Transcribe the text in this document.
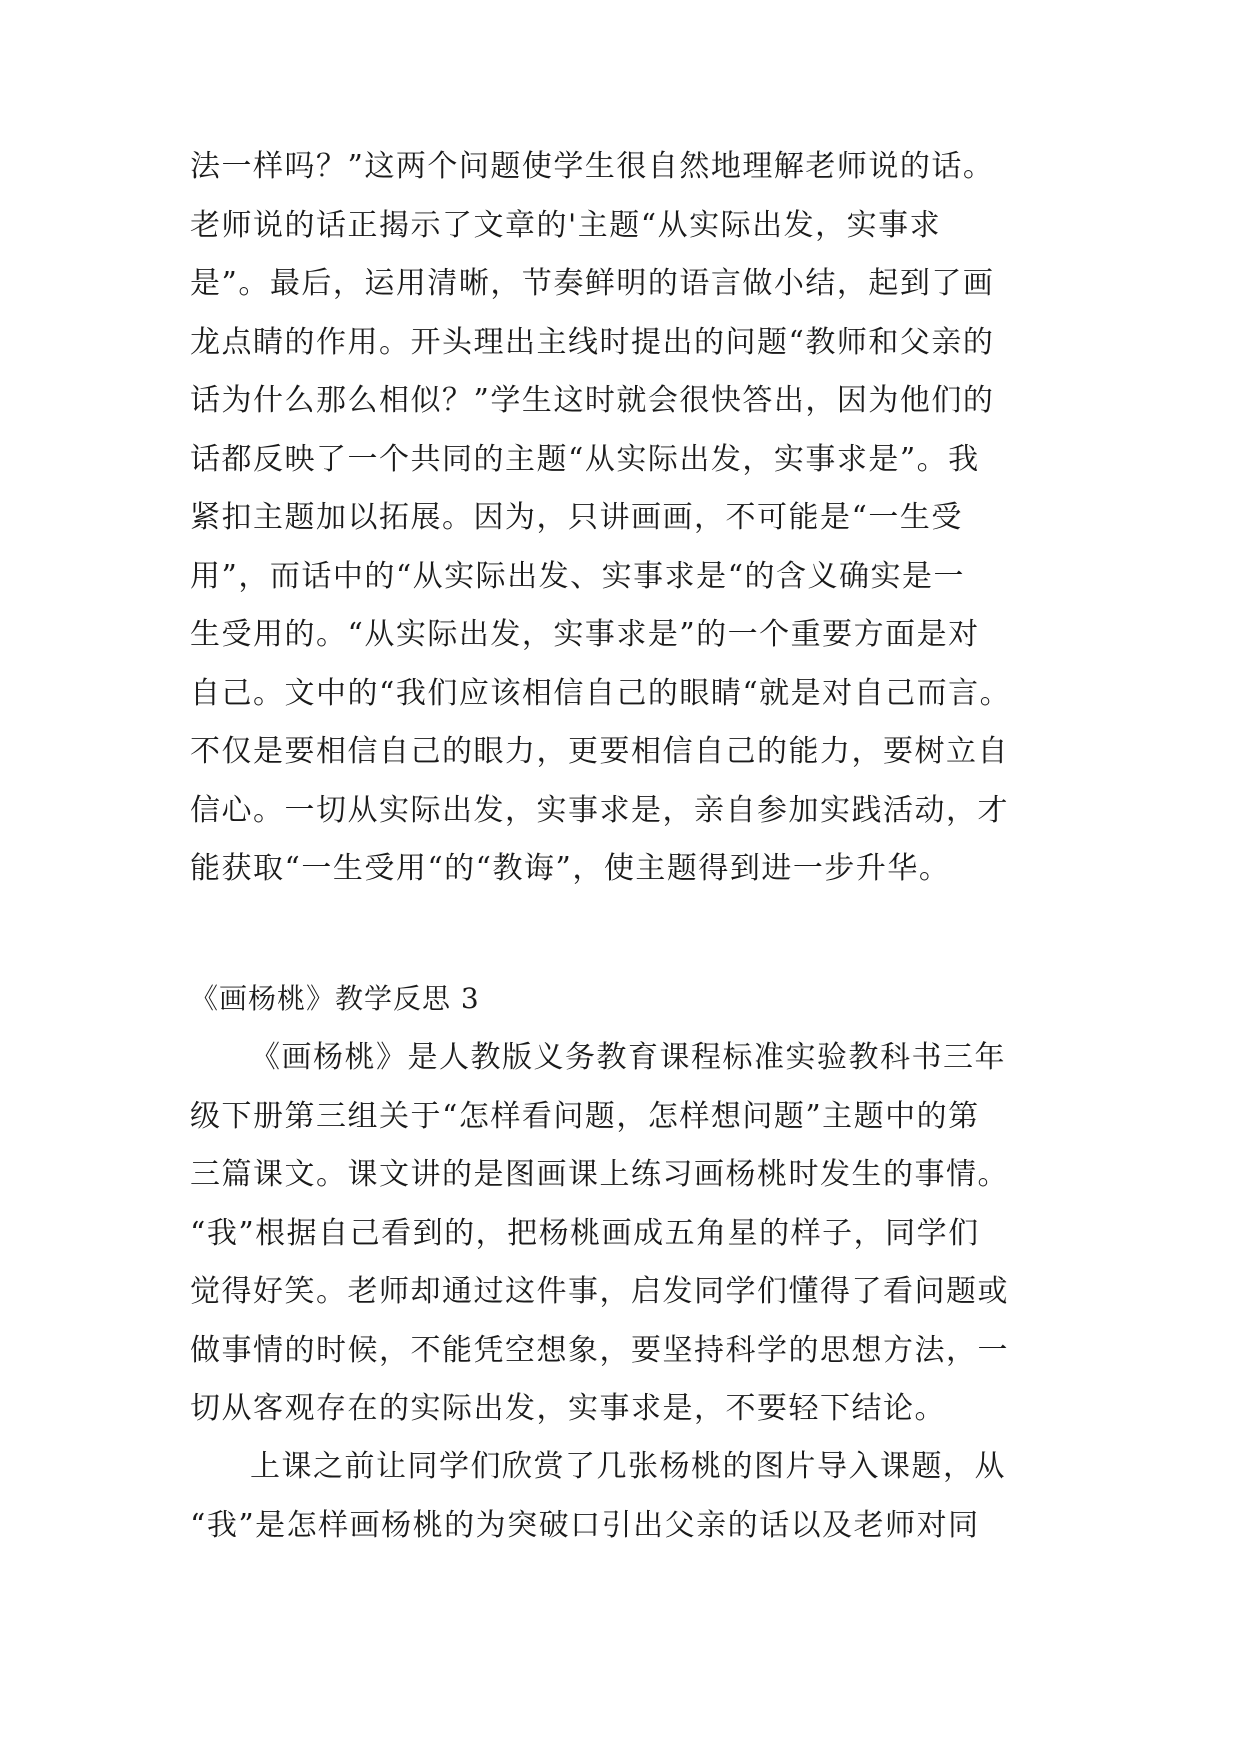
法一样吗？”这两个问题使学生很自然地理解老师说的话。
老师说的话正揭示了文章的'主题“从实际出发，实事求
是”。最后，运用清晰，节奏鲜明的语言做小结，起到了画
龙点睛的作用。开头理出主线时提出的问题“教师和父亲的
话为什么那么相似？”学生这时就会很快答出，因为他们的
话都反映了一个共同的主题“从实际出发，实事求是”。我
紧扣主题加以拓展。因为，只讲画画，不可能是“一生受
用”，而话中的“从实际出发、实事求是“的含义确实是一
生受用的。“从实际出发，实事求是”的一个重要方面是对
自己。文中的“我们应该相信自己的眼睛“就是对自己而言。
不仅是要相信自己的眼力，更要相信自己的能力，要树立自
信心。一切从实际出发，实事求是，亲自参加实践活动，才
能获取“一生受用“的“教诲”，使主题得到进一步升华。
《画杨桃》教学反思 3
《画杨桃》是人教版义务教育课程标准实验教科书三年
级下册第三组关于“怎样看问题，怎样想问题”主题中的第
三篇课文。课文讲的是图画课上练习画杨桃时发生的事情。
“我”根据自己看到的，把杨桃画成五角星的样子，同学们
觉得好笑。老师却通过这件事，启发同学们懂得了看问题或
做事情的时候，不能凭空想象，要坚持科学的思想方法，一
切从客观存在的实际出发，实事求是，不要轻下结论。
上课之前让同学们欣赏了几张杨桃的图片导入课题，从
“我”是怎样画杨桃的为突破口引出父亲的话以及老师对同
